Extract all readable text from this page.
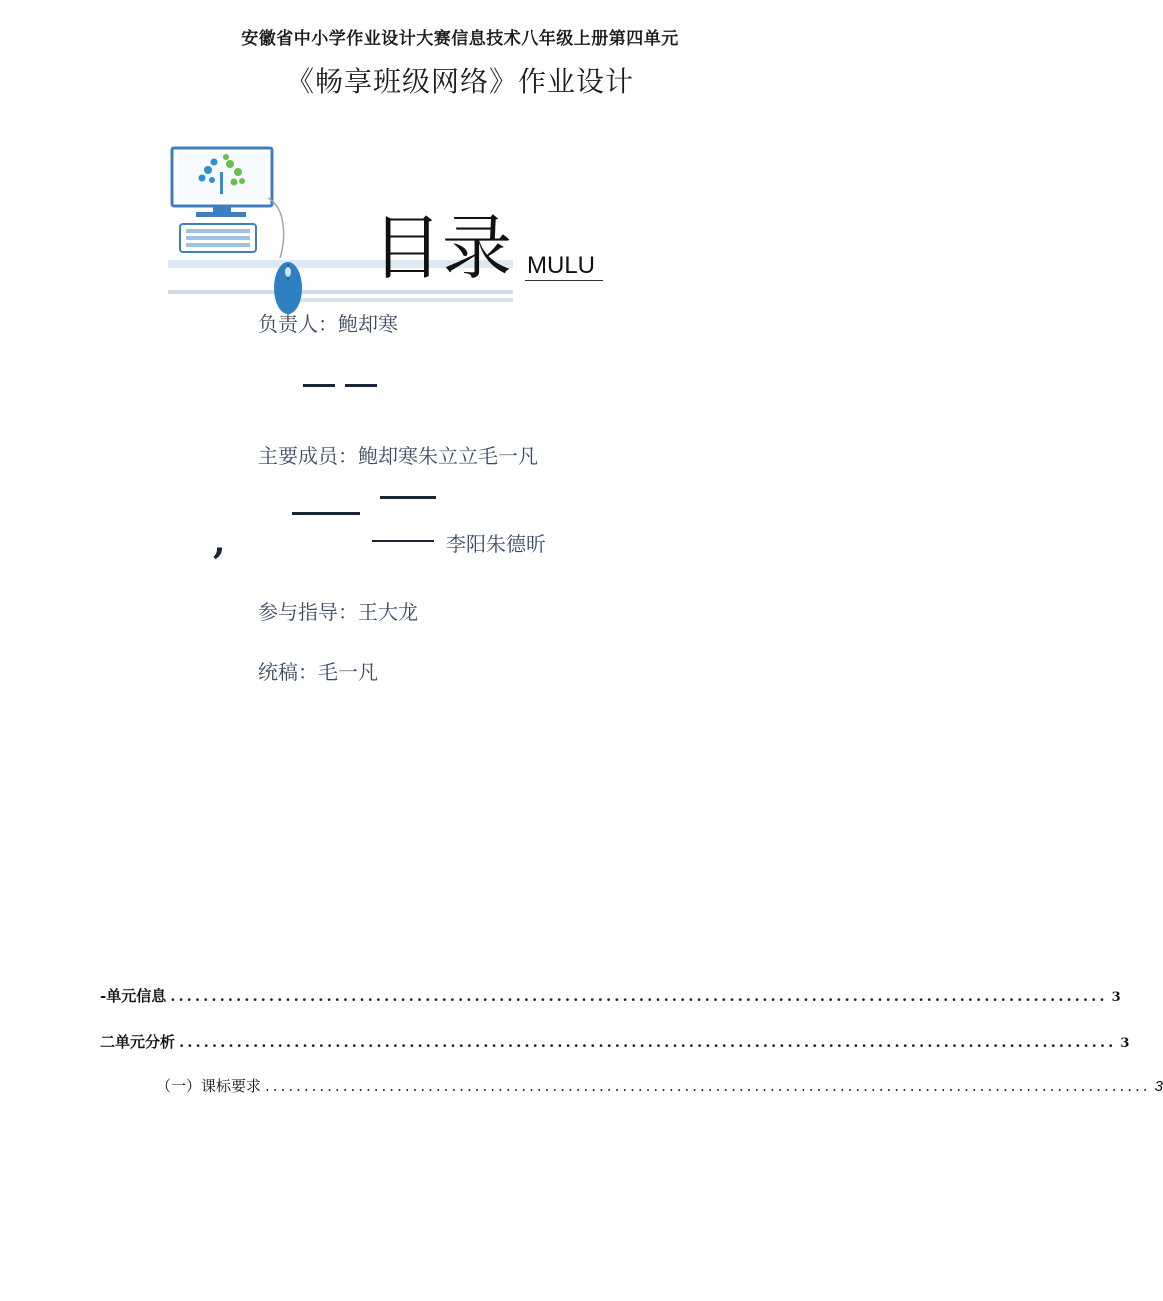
安徽省中小学作业设计大赛信息技术八年级上册第四单元
《畅享班级网络》作业设计
目录 MULU
负责人：鲍却寒
主要成员：鲍却寒朱立立毛一凡
,	李阳朱德昕
参与指导：王大龙
统稿：毛一凡
-单元信息 .................................................................................................................. 3
二单元分析 .................................................................................................................. 3
（一）课标要求 .................................................................................................................. 3
